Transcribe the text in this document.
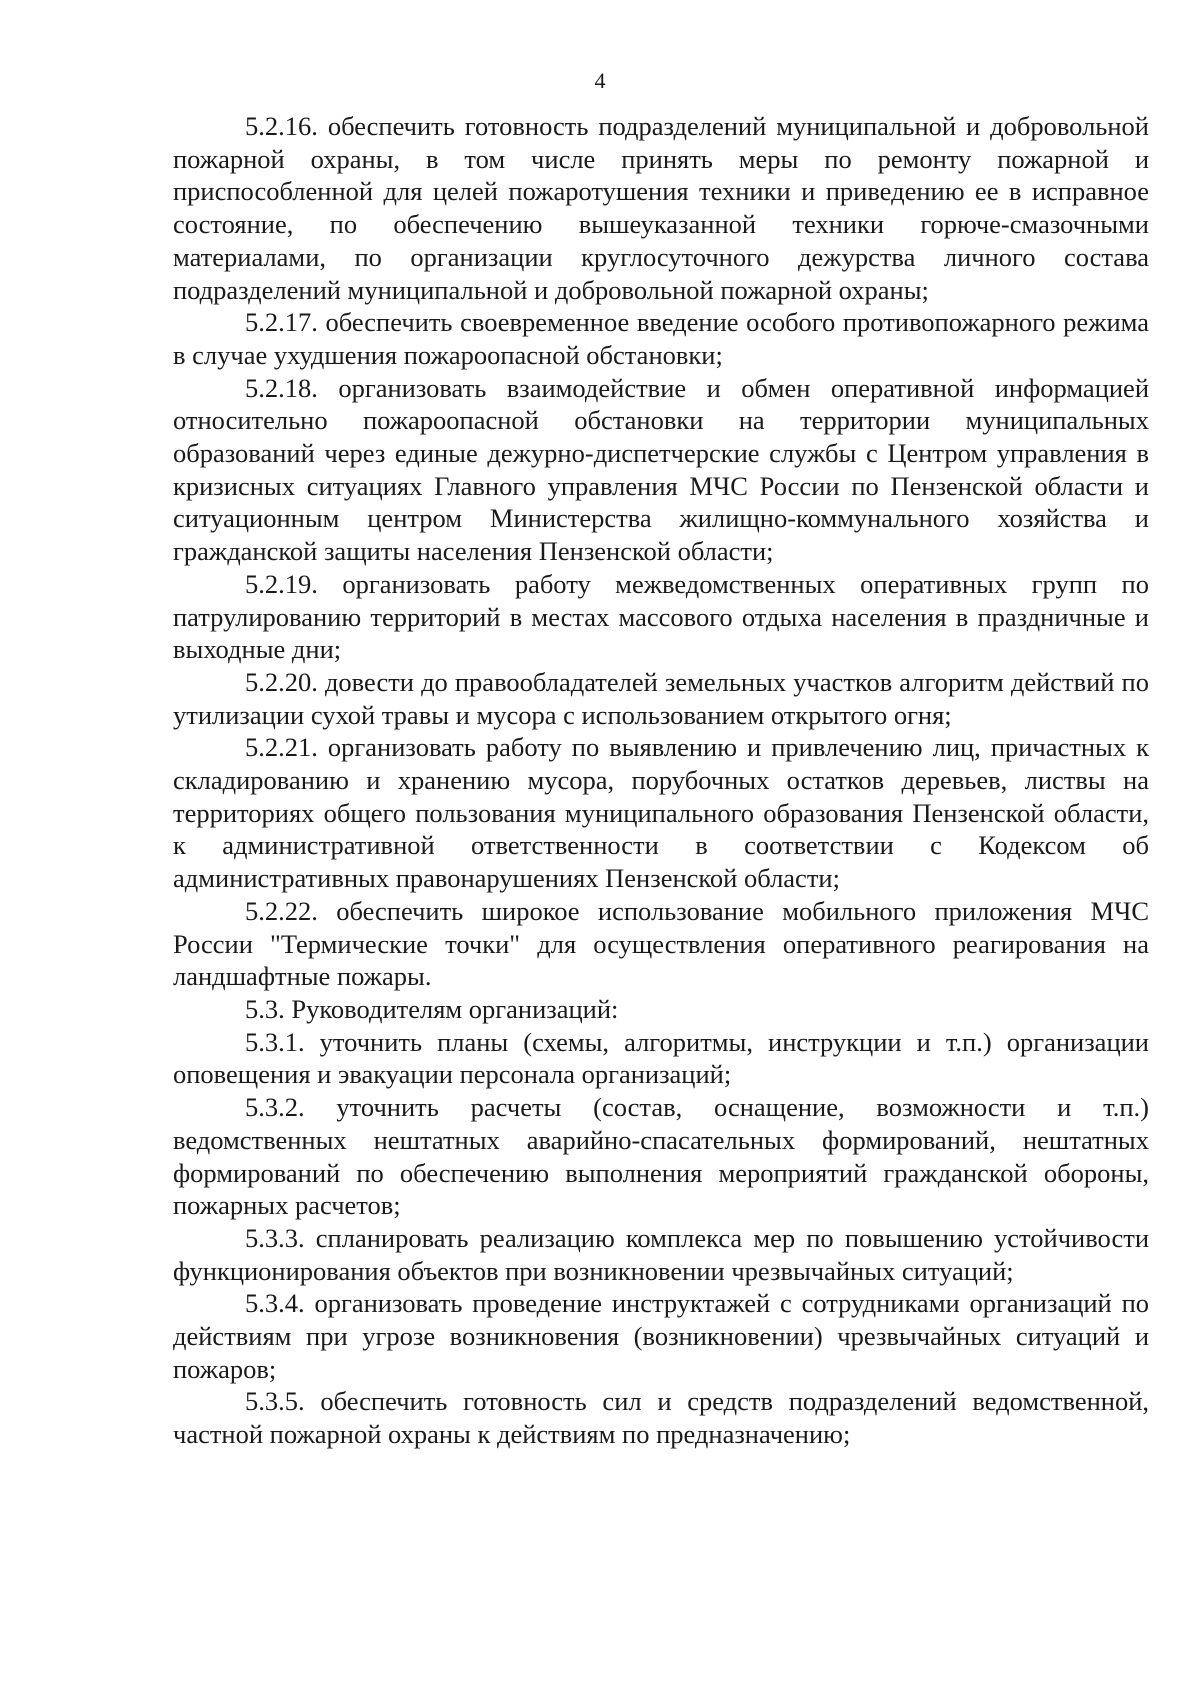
4

5.2.16. обеспечить готовность подразделений муниципальной и добровольной пожарной охраны, в том числе принять меры по ремонту пожарной и приспособленной для целей пожаротушения техники и приведению ее в исправное состояние, по обеспечению вышеуказанной техники горюче-смазочными материалами, по организации круглосуточного дежурства личного состава подразделений муниципальной и добровольной пожарной охраны;

5.2.17. обеспечить своевременное введение особого противопожарного режима в случае ухудшения пожароопасной обстановки;

5.2.18. организовать взаимодействие и обмен оперативной информацией относительно пожароопасной обстановки на территории муниципальных образований через единые дежурно-диспетчерские службы с Центром управления в кризисных ситуациях Главного управления МЧС России по Пензенской области и ситуационным центром Министерства жилищно-коммунального хозяйства и гражданской защиты населения Пензенской области;

5.2.19. организовать работу межведомственных оперативных групп по патрулированию территорий в местах массового отдыха населения в праздничные и выходные дни;

5.2.20. довести до правообладателей земельных участков алгоритм действий по утилизации сухой травы и мусора с использованием открытого огня;

5.2.21. организовать работу по выявлению и привлечению лиц, причастных к складированию и хранению мусора, порубочных остатков деревьев, листвы на территориях общего пользования муниципального образования Пензенской области, к административной ответственности в соответствии с Кодексом об административных правонарушениях Пензенской области;

5.2.22. обеспечить широкое использование мобильного приложения МЧС России "Термические точки" для осуществления оперативного реагирования на ландшафтные пожары.

5.3. Руководителям организаций:

5.3.1. уточнить планы (схемы, алгоритмы, инструкции и т.п.) организации оповещения и эвакуации персонала организаций;

5.3.2. уточнить расчеты (состав, оснащение, возможности и т.п.) ведомственных нештатных аварийно-спасательных формирований, нештатных формирований по обеспечению выполнения мероприятий гражданской обороны, пожарных расчетов;

5.3.3. спланировать реализацию комплекса мер по повышению устойчивости функционирования объектов при возникновении чрезвычайных ситуаций;

5.3.4. организовать проведение инструктажей с сотрудниками организаций по действиям при угрозе возникновения (возникновении) чрезвычайных ситуаций и пожаров;

5.3.5. обеспечить готовность сил и средств подразделений ведомственной, частной пожарной охраны к действиям по предназначению;
